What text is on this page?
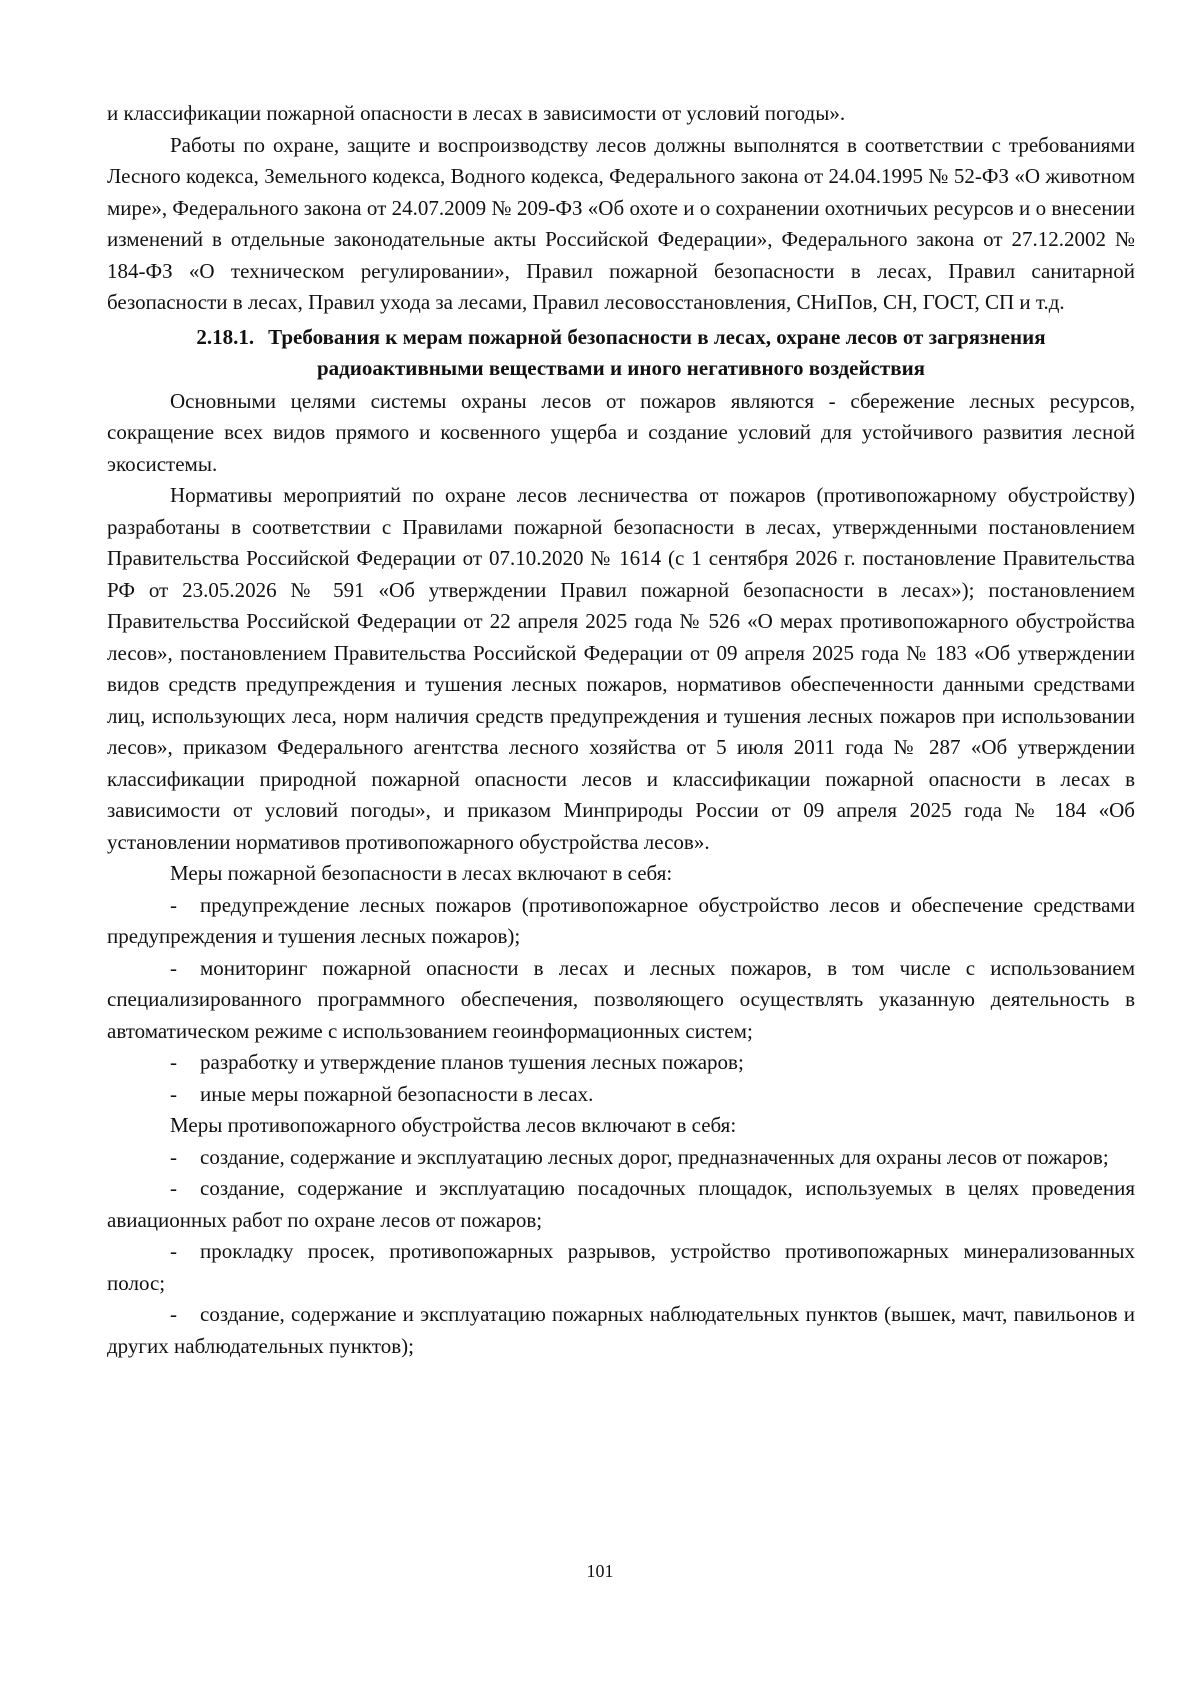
и классификации пожарной опасности в лесах в зависимости от условий погоды».

Работы по охране, защите и воспроизводству лесов должны выполнятся в соответствии с требованиями Лесного кодекса, Земельного кодекса, Водного кодекса, Федерального закона от 24.04.1995 № 52-ФЗ «О животном мире», Федерального закона от 24.07.2009 № 209-ФЗ «Об охоте и о сохранении охотничьих ресурсов и о внесении изменений в отдельные законодательные акты Российской Федерации», Федерального закона от 27.12.2002 № 184-ФЗ «О техническом регулировании», Правил пожарной безопасности в лесах, Правил санитарной безопасности в лесах, Правил ухода за лесами, Правил лесовосстановления, СНиПов, СН, ГОСТ, СП и т.д.

2.18.1. Требования к мерам пожарной безопасности в лесах, охране лесов от загрязнения радиоактивными веществами и иного негативного воздействия

Основными целями системы охраны лесов от пожаров являются - сбережение лесных ресурсов, сокращение всех видов прямого и косвенного ущерба и создание условий для устойчивого развития лесной экосистемы.

Нормативы мероприятий по охране лесов лесничества от пожаров (противопожарному обустройству) разработаны в соответствии с Правилами пожарной безопасности в лесах, утвержденными постановлением Правительства Российской Федерации от 07.10.2020 № 1614 (с 1 сентября 2026 г. постановление Правительства РФ от 23.05.2026 № 591 «Об утверждении Правил пожарной безопасности в лесах»); постановлением Правительства Российской Федерации от 22 апреля 2025 года № 526 «О мерах противопожарного обустройства лесов», постановлением Правительства Российской Федерации от 09 апреля 2025 года № 183 «Об утверждении видов средств предупреждения и тушения лесных пожаров, нормативов обеспеченности данными средствами лиц, использующих леса, норм наличия средств предупреждения и тушения лесных пожаров при использовании лесов», приказом Федерального агентства лесного хозяйства от 5 июля 2011 года № 287 «Об утверждении классификации природной пожарной опасности лесов и классификации пожарной опасности в лесах в зависимости от условий погоды», и приказом Минприроды России от 09 апреля 2025 года № 184 «Об установлении нормативов противопожарного обустройства лесов».

Меры пожарной безопасности в лесах включают в себя:

- предупреждение лесных пожаров (противопожарное обустройство лесов и обеспечение средствами предупреждения и тушения лесных пожаров);

- мониторинг пожарной опасности в лесах и лесных пожаров, в том числе с использованием специализированного программного обеспечения, позволяющего осуществлять указанную деятельность в автоматическом режиме с использованием геоинформационных систем;

- разработку и утверждение планов тушения лесных пожаров;

- иные меры пожарной безопасности в лесах.

Меры противопожарного обустройства лесов включают в себя:

- создание, содержание и эксплуатацию лесных дорог, предназначенных для охраны лесов от пожаров;

- создание, содержание и эксплуатацию посадочных площадок, используемых в целях проведения авиационных работ по охране лесов от пожаров;

- прокладку просек, противопожарных разрывов, устройство противопожарных минерализованных полос;

- создание, содержание и эксплуатацию пожарных наблюдательных пунктов (вышек, мачт, павильонов и других наблюдательных пунктов);

101
